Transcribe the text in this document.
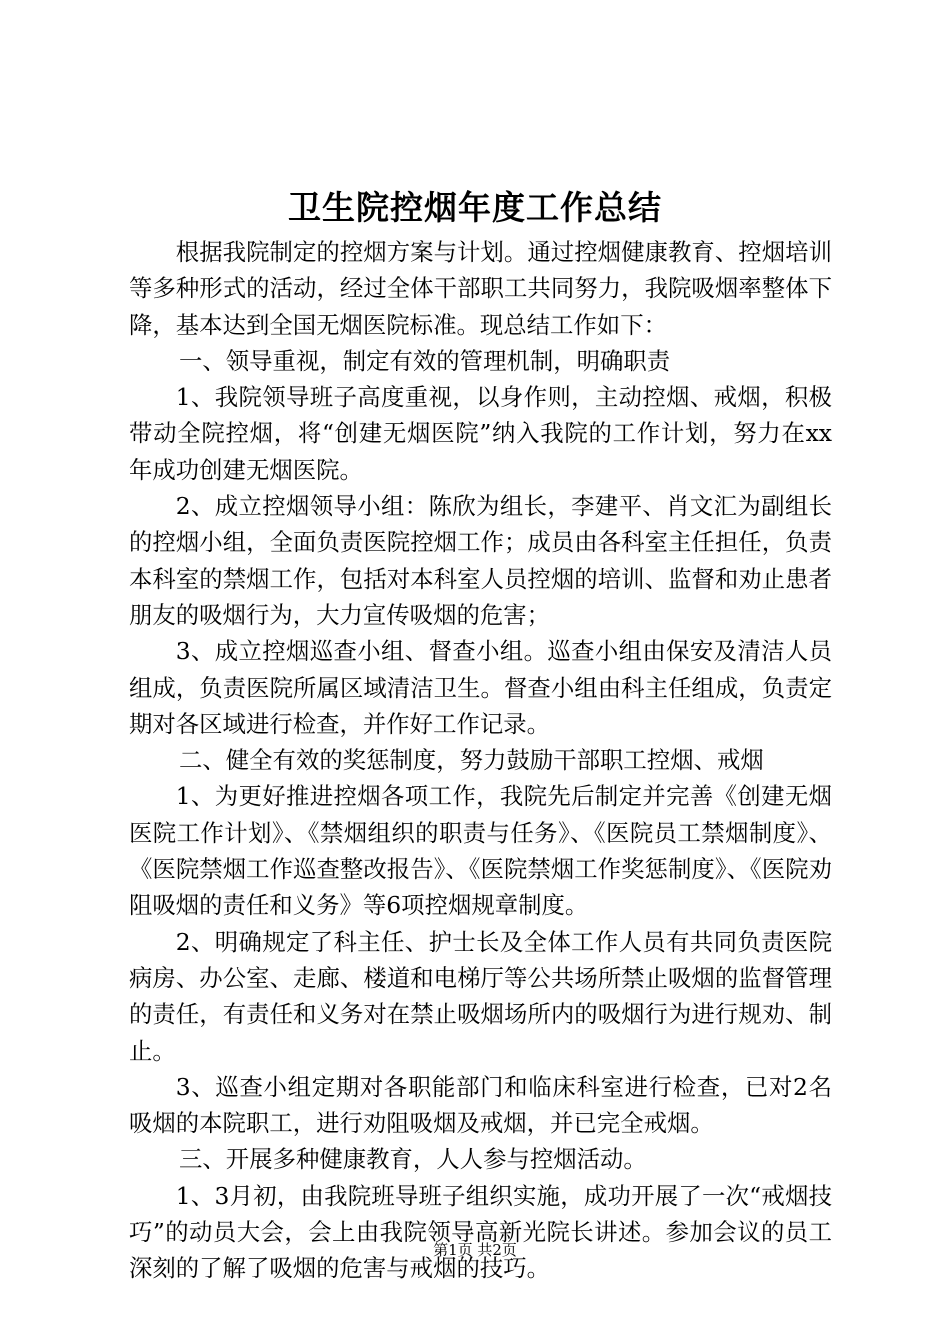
卫生院控烟年度工作总结

根据我院制定的控烟方案与计划。通过控烟健康教育、控烟培训等多种形式的活动，经过全体干部职工共同努力，我院吸烟率整体下降，基本达到全国无烟医院标准。现总结工作如下：

一、领导重视，制定有效的管理机制，明确职责

1、我院领导班子高度重视，以身作则，主动控烟、戒烟，积极带动全院控烟，将“创建无烟医院”纳入我院的工作计划，努力在xx年成功创建无烟医院。

2、成立控烟领导小组：陈欣为组长，李建平、肖文汇为副组长的控烟小组，全面负责医院控烟工作；成员由各科室主任担任，负责本科室的禁烟工作，包括对本科室人员控烟的培训、监督和劝止患者朋友的吸烟行为，大力宣传吸烟的危害；

3、成立控烟巡查小组、督查小组。巡查小组由保安及清洁人员组成，负责医院所属区域清洁卫生。督查小组由科主任组成，负责定期对各区域进行检查，并作好工作记录。

二、健全有效的奖惩制度，努力鼓励干部职工控烟、戒烟

1、为更好推进控烟各项工作，我院先后制定并完善《创建无烟医院工作计划》、《禁烟组织的职责与任务》、《医院员工禁烟制度》、《医院禁烟工作巡查整改报告》、《医院禁烟工作奖惩制度》、《医院劝阻吸烟的责任和义务》等6项控烟规章制度。

2、明确规定了科主任、护士长及全体工作人员有共同负责医院病房、办公室、走廊、楼道和电梯厅等公共场所禁止吸烟的监督管理的责任，有责任和义务对在禁止吸烟场所内的吸烟行为进行规劝、制止。

3、巡查小组定期对各职能部门和临床科室进行检查，已对2名吸烟的本院职工，进行劝阻吸烟及戒烟，并已完全戒烟。

三、开展多种健康教育，人人参与控烟活动。

1、3月初，由我院班导班子组织实施，成功开展了一次“戒烟技巧”的动员大会，会上由我院领导高新光院长讲述。参加会议的员工深刻的了解了吸烟的危害与戒烟的技巧。

第1页 共2页
